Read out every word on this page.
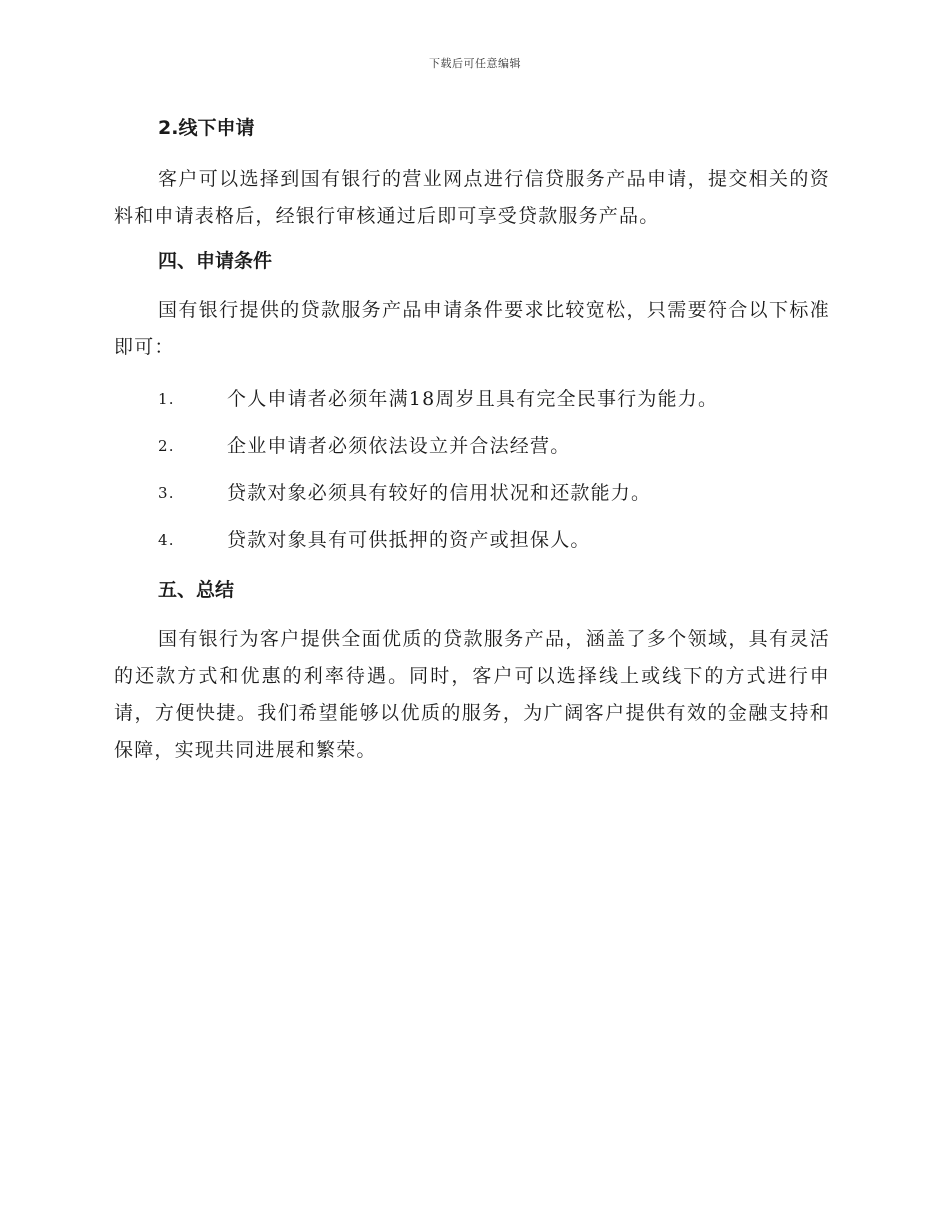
下载后可任意编辑
2.线下申请

客户可以选择到国有银行的营业网点进行信贷服务产品申请，提交相关的资料和申请表格后，经银行审核通过后即可享受贷款服务产品。

四、申请条件

国有银行提供的贷款服务产品申请条件要求比较宽松，只需要符合以下标准即可：

1.	个人申请者必须年满18周岁且具有完全民事行为能力。
2.	企业申请者必须依法设立并合法经营。
3.	贷款对象必须具有较好的信用状况和还款能力。
4.	贷款对象具有可供抵押的资产或担保人。
五、总结

国有银行为客户提供全面优质的贷款服务产品，涵盖了多个领域，具有灵活的还款方式和优惠的利率待遇。同时，客户可以选择线上或线下的方式进行申请，方便快捷。我们希望能够以优质的服务，为广阔客户提供有效的金融支持和保障，实现共同进展和繁荣。
